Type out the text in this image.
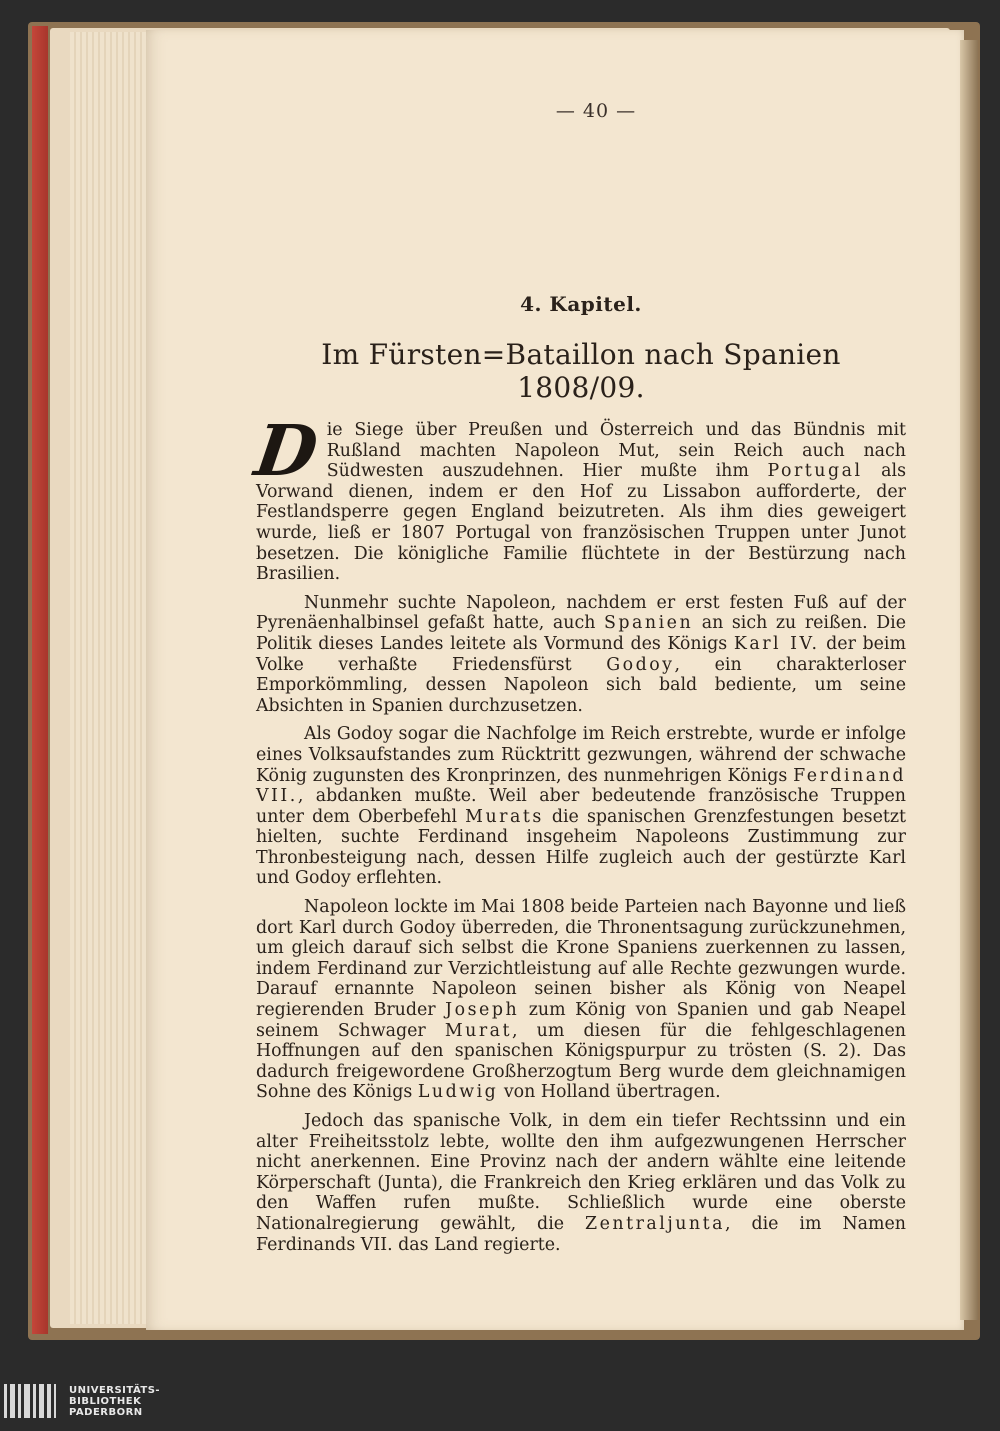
— 40 —
4. Kapitel.
Im Fürsten=Bataillon nach Spanien 1808/09.

Die Siege über Preußen und Österreich und das Bündnis mit Rußland machten Napoleon Mut, sein Reich auch nach Südwesten auszudehnen. Hier mußte ihm Portugal als Vorwand dienen, indem er den Hof zu Lissabon aufforderte, der Festlandsperre gegen England beizutreten. Als ihm dies geweigert wurde, ließ er 1807 Portugal von französischen Truppen unter Junot besetzen. Die königliche Familie flüchtete in der Bestürzung nach Brasilien.

Nunmehr suchte Napoleon, nachdem er erst festen Fuß auf der Pyrenäenhalbinsel gefaßt hatte, auch Spanien an sich zu reißen. Die Politik dieses Landes leitete als Vormund des Königs Karl IV. der beim Volke verhaßte Friedensfürst Godoy, ein charakterloser Emporkömmling, dessen Napoleon sich bald bediente, um seine Absichten in Spanien durchzusetzen.

Als Godoy sogar die Nachfolge im Reich erstrebte, wurde er infolge eines Volksaufstandes zum Rücktritt gezwungen, während der schwache König zugunsten des Kronprinzen, des nunmehrigen Königs Ferdinand VII., abdanken mußte. Weil aber bedeutende französische Truppen unter dem Oberbefehl Murats die spanischen Grenzfestungen besetzt hielten, suchte Ferdinand insgeheim Napoleons Zustimmung zur Thronbesteigung nach, dessen Hilfe zugleich auch der gestürzte Karl und Godoy erflehten.

Napoleon lockte im Mai 1808 beide Parteien nach Bayonne und ließ dort Karl durch Godoy überreden, die Thronentsagung zurückzunehmen, um gleich darauf sich selbst die Krone Spaniens zuerkennen zu lassen, indem Ferdinand zur Verzichtleistung auf alle Rechte gezwungen wurde. Darauf ernannte Napoleon seinen bisher als König von Neapel regierenden Bruder Joseph zum König von Spanien und gab Neapel seinem Schwager Murat, um diesen für die fehlgeschlagenen Hoffnungen auf den spanischen Königspurpur zu trösten (S. 2). Das dadurch freigewordene Großherzogtum Berg wurde dem gleichnamigen Sohne des Königs Ludwig von Holland übertragen.

Jedoch das spanische Volk, in dem ein tiefer Rechtssinn und ein alter Freiheitsstolz lebte, wollte den ihm aufgezwungenen Herrscher nicht anerkennen. Eine Provinz nach der andern wählte eine leitende Körperschaft (Junta), die Frankreich den Krieg erklären und das Volk zu den Waffen rufen mußte. Schließlich wurde eine oberste Nationalregierung gewählt, die Zentraljunta, die im Namen Ferdinands VII. das Land regierte.

UNIVERSITÄTS-
BIBLIOTHEK
PADERBORN
